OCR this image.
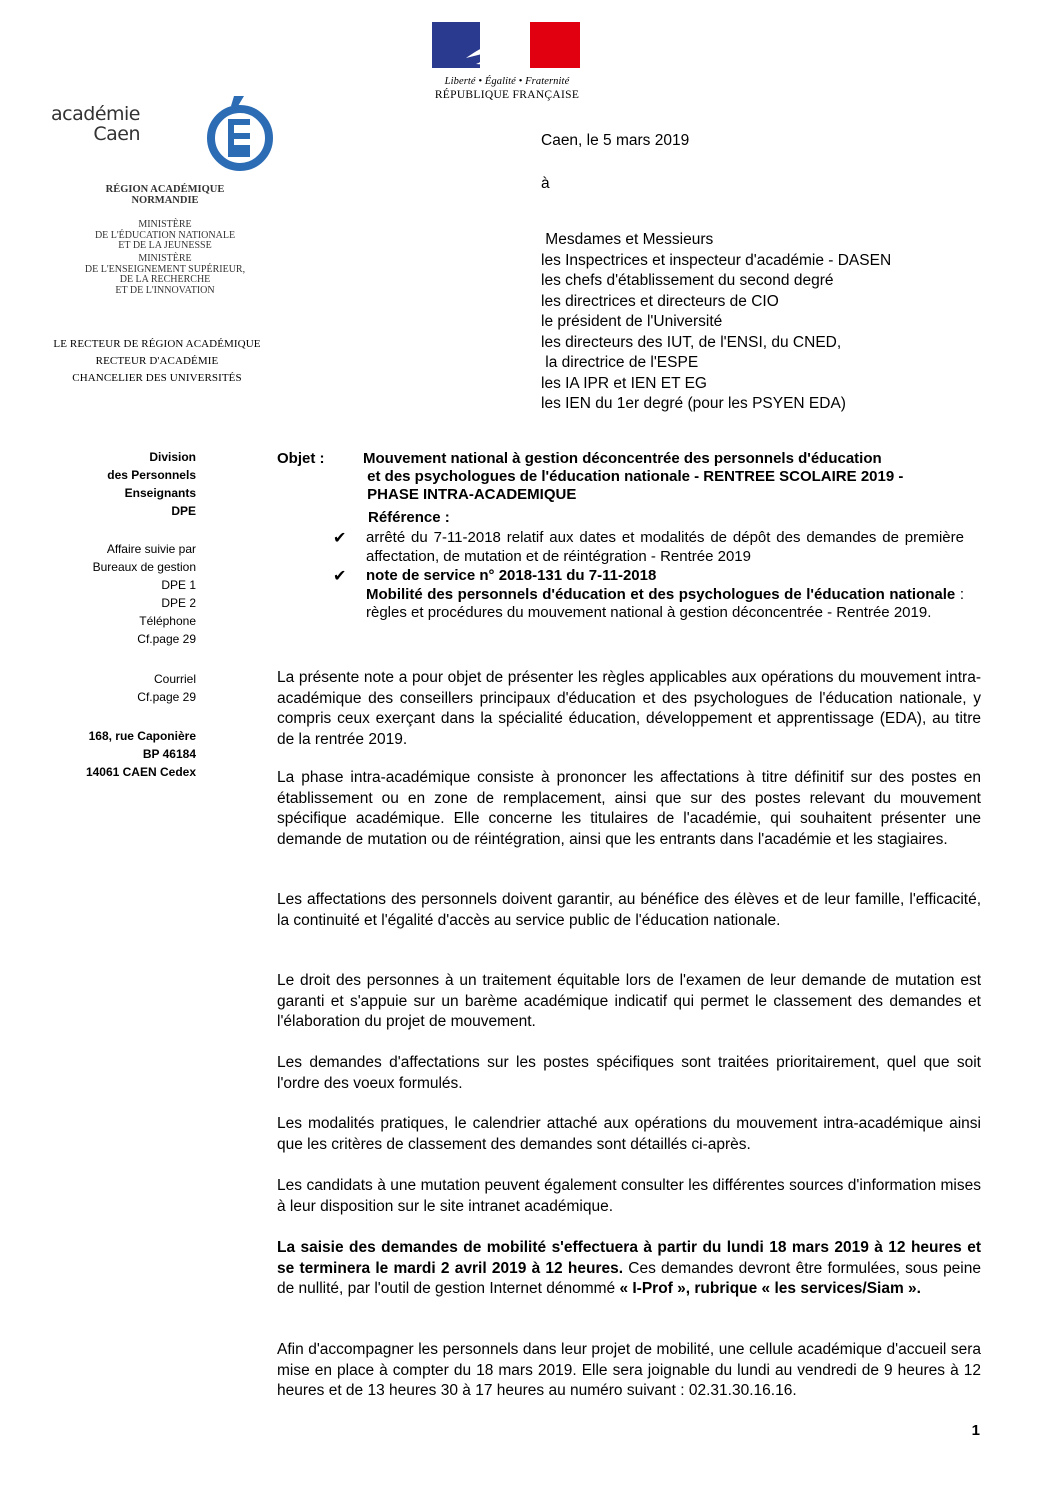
Liberté • Égalité • Fraternité
RÉPUBLIQUE FRANÇAISE
académie
Caen
RÉGION ACADÉMIQUE
NORMANDIE
MINISTÈRE
DE L'ÉDUCATION NATIONALE
ET DE LA JEUNESSE
MINISTÈRE
DE L'ENSEIGNEMENT SUPÉRIEUR,
DE LA RECHERCHE
ET DE L'INNOVATION
LE RECTEUR DE RÉGION ACADÉMIQUE
RECTEUR D'ACADÉMIE
CHANCELIER DES UNIVERSITÉS
Division
des Personnels
Enseignants
DPE
Affaire suivie par
Bureaux de gestion
DPE 1
DPE 2
Téléphone
Cf.page 29
Courriel
Cf.page 29
168, rue Caponière
BP 46184
14061 CAEN Cedex
Caen, le 5 mars 2019
à
Mesdames et Messieurs
les Inspectrices et inspecteur d'académie - DASEN
les chefs d'établissement du second degré
les directrices et directeurs de CIO
le président de l'Université
les directeurs des IUT, de l'ENSI, du CNED,
la directrice de l'ESPE
les IA IPR et IEN ET EG
les IEN du 1er degré (pour les PSYEN EDA)
Objet :	Mouvement national à gestion déconcentrée des personnels d'éducation
et des psychologues de l'éducation nationale - RENTREE SCOLAIRE 2019 -
PHASE INTRA-ACADEMIQUE
Référence :
✔ arrêté du 7-11-2018 relatif aux dates et modalités de dépôt des demandes de première affectation, de mutation et de réintégration - Rentrée 2019
✔ note de service n° 2018-131 du 7-11-2018
Mobilité des personnels d'éducation et des psychologues de l'éducation nationale : règles et procédures du mouvement national à gestion déconcentrée - Rentrée 2019.
La présente note a pour objet de présenter les règles applicables aux opérations du mouvement intra-académique des conseillers principaux d'éducation et des psychologues de l'éducation nationale, y compris ceux exerçant dans la spécialité éducation, développement et apprentissage (EDA), au titre de la rentrée 2019.
La phase intra-académique consiste à prononcer les affectations à titre définitif sur des postes en établissement ou en zone de remplacement, ainsi que sur des postes relevant du mouvement spécifique académique. Elle concerne les titulaires de l'académie, qui souhaitent présenter une demande de mutation ou de réintégration, ainsi que les entrants dans l'académie et les stagiaires.
Les affectations des personnels doivent garantir, au bénéfice des élèves et de leur famille, l'efficacité, la continuité et l'égalité d'accès au service public de l'éducation nationale.
Le droit des personnes à un traitement équitable lors de l'examen de leur demande de mutation est garanti et s'appuie sur un barème académique indicatif qui permet le classement des demandes et l'élaboration du projet de mouvement.
Les demandes d'affectations sur les postes spécifiques sont traitées prioritairement, quel que soit l'ordre des voeux formulés.
Les modalités pratiques, le calendrier attaché aux opérations du mouvement intra-académique ainsi que les critères de classement des demandes sont détaillés ci-après.
Les candidats à une mutation peuvent également consulter les différentes sources d'information mises à leur disposition sur le site intranet académique.
La saisie des demandes de mobilité s'effectuera à partir du lundi 18 mars 2019 à 12 heures et se terminera le mardi 2 avril 2019 à 12 heures. Ces demandes devront être formulées, sous peine de nullité, par l'outil de gestion Internet dénommé « I-Prof », rubrique « les services/Siam ».
Afin d'accompagner les personnels dans leur projet de mobilité, une cellule académique d'accueil sera mise en place à compter du 18 mars 2019. Elle sera joignable du lundi au vendredi de 9 heures à 12 heures et de 13 heures 30 à 17 heures au numéro suivant : 02.31.30.16.16.
1
